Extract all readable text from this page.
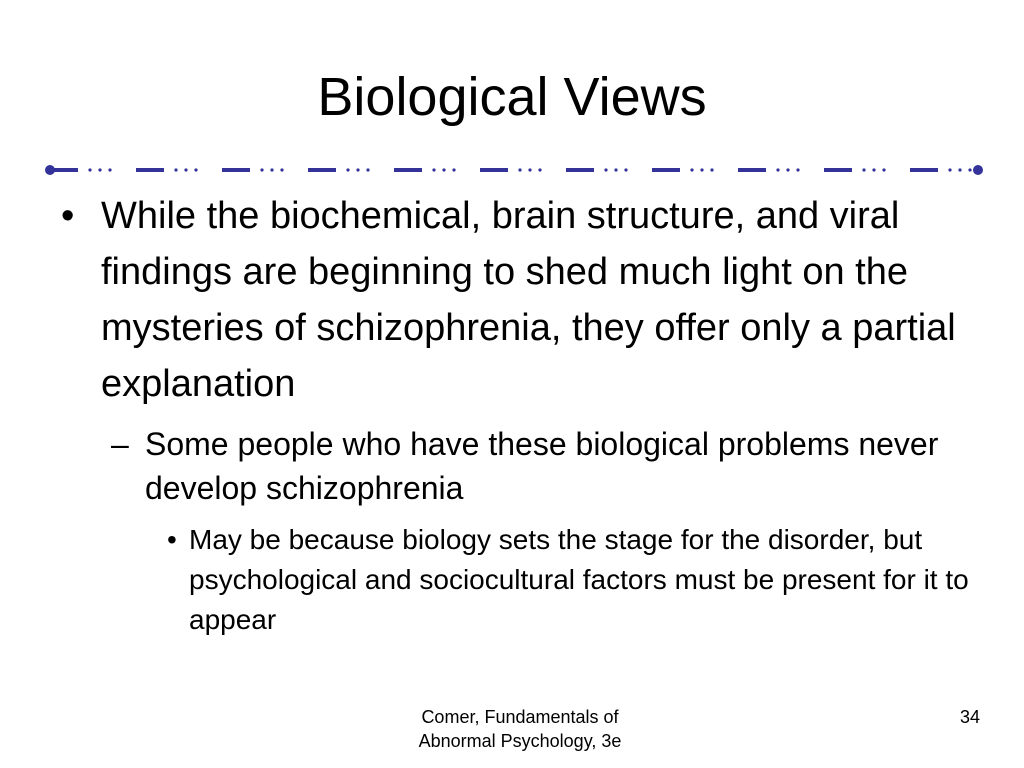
Biological Views
• While the biochemical, brain structure, and viral findings are beginning to shed much light on the mysteries of schizophrenia, they offer only a partial explanation
– Some people who have these biological problems never develop schizophrenia
• May be because biology sets the stage for the disorder, but psychological and sociocultural factors must be present for it to appear
Comer, Fundamentals of
Abnormal Psychology, 3e
34
